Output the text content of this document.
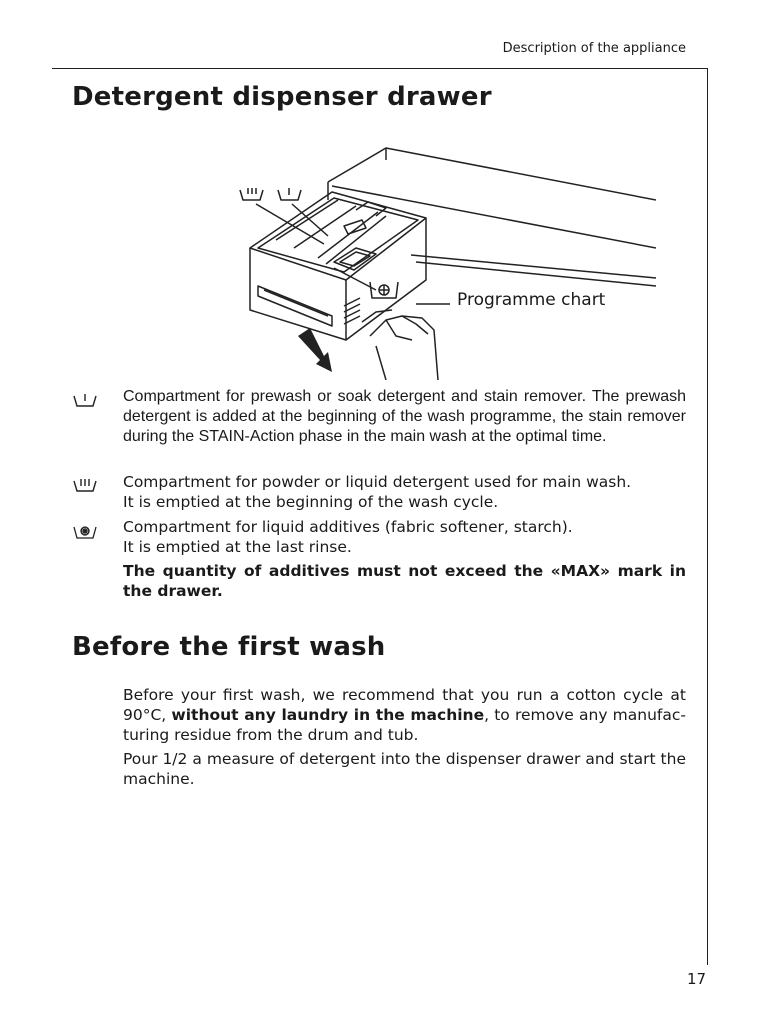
Description of the appliance
Detergent dispenser drawer
Programme chart

Compartment for prewash or soak detergent and stain remover. The prewash detergent is added at the beginning of the wash programme, the stain remover during the STAIN-Action phase in the main wash at the optimal time.

Compartment for powder or liquid detergent used for main wash.

It is emptied at the beginning of the wash cycle.

Compartment for liquid additives (fabric softener, starch).

It is emptied at the last rinse.

The quantity of additives must not exceed the «MAX» mark in the drawer.

Before the first wash

Before your first wash, we recommend that you run a cotton cycle at 90°C, without any laundry in the machine, to remove any manufac-turing residue from the drum and tub.

Pour 1/2 a measure of detergent into the dispenser drawer and start the machine.

17
